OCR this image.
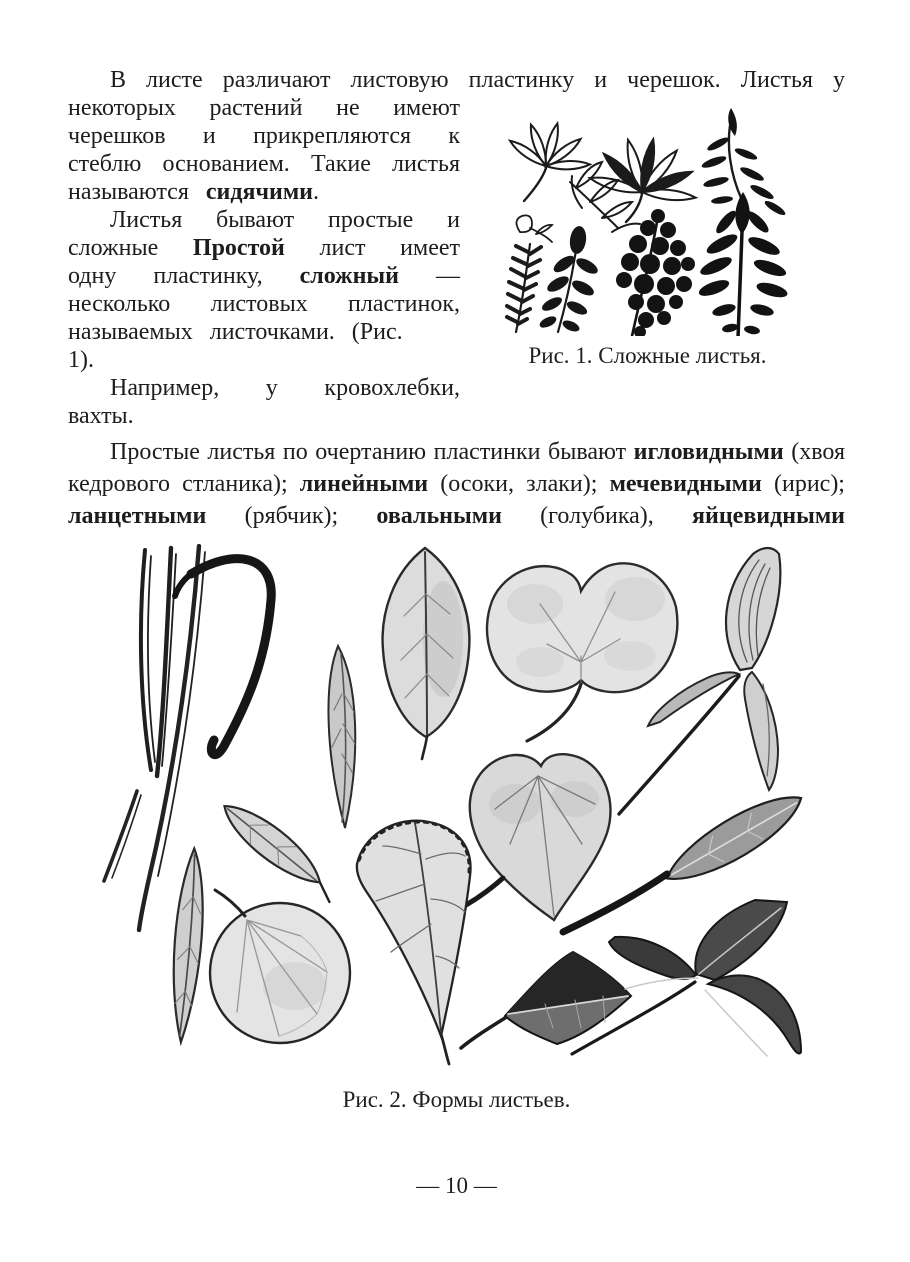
В листе различают листовую пластинку и черешок. Листья у

некоторых растений не имеют черешков и прикрепляются к стеблю основанием. Такие листья называются сидячими.

Листья бывают простые и сложные Простой лист имеет одну пластинку, сложный — несколько листовых пластинок, называемых листочками. (Рис.
1).

Например, у кровохлебки, вахты.

Рис. 1. Сложные листья.

Простые листья по очертанию пластинки бывают игловидными (хвоя кедрового стланика); линейными (осоки, злаки); мечевидными (ирис); ланцетными (рябчик); овальными (голубика), яйцевидными

Рис. 2. Формы листьев.
— 10 —
